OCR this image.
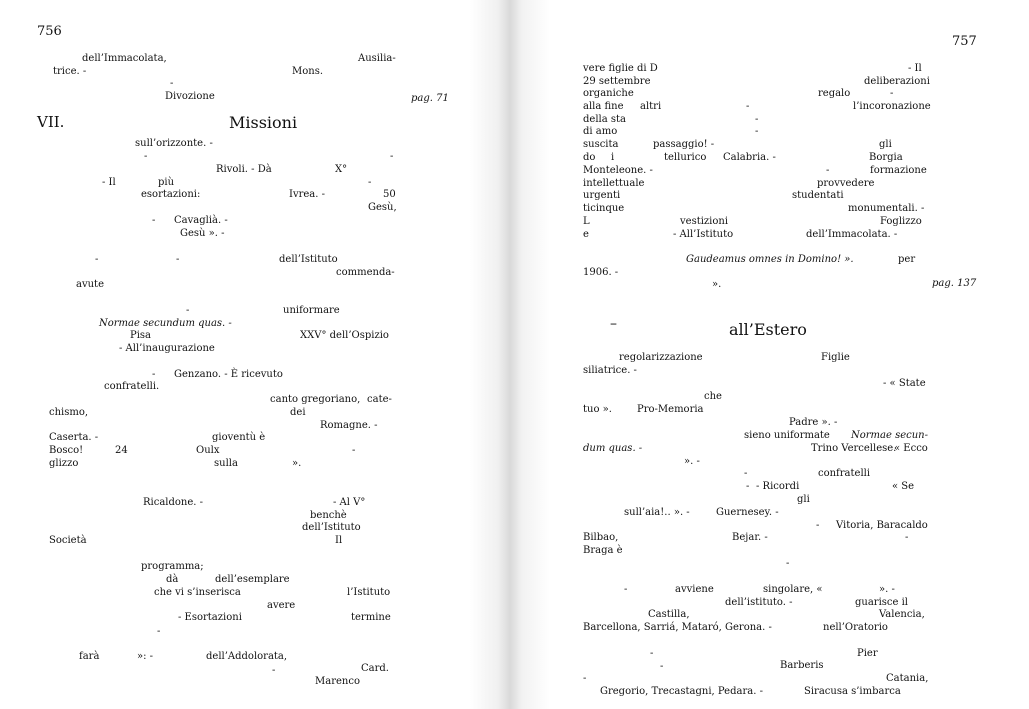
756
dell’Immacolata,	Ausilia-
trice. -	Mons.
-
Divozione	pag. 71
VII.	Missioni
sull’orizzonte. -
-	-
Rivoli. - Dà	X°
- Il	più	-
esortazioni:	Ivrea. -	50
Gesù,
Cavaglià. -
-
Gesù ». -
-	-	dell’Istituto
commenda-
avute
-	uniformare
Normae secundum quas. -
Pisa	XXV° dell’Ospizio
- All’inaugurazione
- Genzano. - È ricevuto
confratelli.
canto gregoriano, cate-
chismo,	dei
Romagne. -
Caserta. -	gioventù è
Bosco!	24	Oulx	-
glizzo	sulla	».
Ricaldone. -	- Al V°
benchè
dell’Istituto
Società	Il
programma;
dà	dell’esemplare
che vi s’inserisca	l’Istituto
avere
- Esortazioni	termine
-
farà	»: -	dell’Addolorata,
Card.
-
Marenco
757
vere figlie di D	- Il
29 settembre	deliberazioni
organiche	regalo	-
alla fine altri	-	l’incoronazione
della sta	-
di amo	-
suscita	passaggio! -	gli
do i	tellurico Calabria. -	Borgia
Monteleone. -	-	formazione
intellettuale	provvedere
urgenti	studentati
ticinque	monumentali. -
L	vestizioni	Foglizzo
e	- All’Istituto	dell’Immacolata. -
Gaudeamus omnes in Domino! ».	per
1906. -
».	pag. 137
–	all’Estero
regolarizzazione	Figlie
siliatrice. -
- « State
che
tuo ».	Pro-Memoria
Padre ». -
sieno uniformate Normae secun-
dum quas. -	Trino Vercellese.
« Ecco
». -
-	confratelli
- - Ricordi	« Se
gli
sull’aia!.. ». -	Guernesey. -
- Vitoria, Baracaldo
Bilbao,	Bejar. -	-
Braga è
-
-	avviene	singolare, «	». -
dell’istituto. -	guarisce il
Castilla,	Valencia,
Barcellona, Sarriá, Mataró, Gerona. -	nell’Oratorio
Pier
-
Barberis
-
Catania,
-
Gregorio, Trecastagni, Pedara. -	Siracusa s’imbarca
